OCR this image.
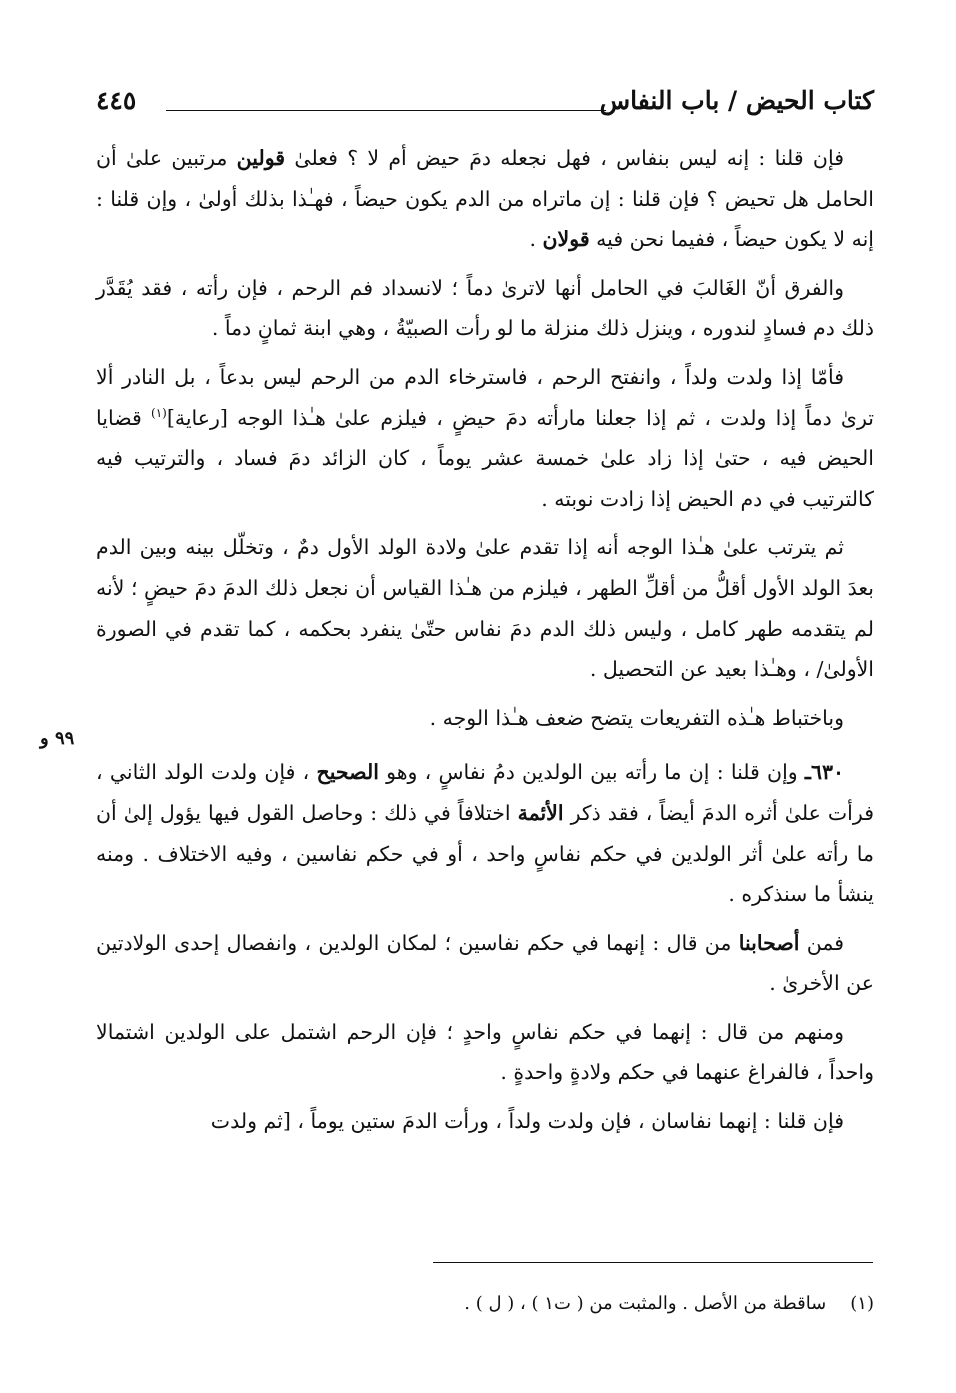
كتاب الحيض / باب النفاس
٤٤٥
٩٩ و

فإن قلنا : إنه ليس بنفاس ، فهل نجعله دمَ حيض أم لا ؟ فعلىٰ قولين مرتبين علىٰ أن الحامل هل تحيض ؟ فإن قلنا : إن ماتراه من الدم يكون حيضاً ، فهـٰذا بذلك أولىٰ ، وإن قلنا : إنه لا يكون حيضاً ، ففيما نحن فيه قولان .

والفرق أنّ الغَالبَ في الحامل أنها لاترىٰ دماً ؛ لانسداد فم الرحم ، فإن رأته ، فقد يُقَدَّر ذلك دم فسادٍ لندوره ، وينزل ذلك منزلة ما لو رأت الصبيّةُ ، وهي ابنة ثمانٍ دماً .

فأمّا إذا ولدت ولداً ، وانفتح الرحم ، فاسترخاء الدم من الرحم ليس بدعاً ، بل النادر ألا ترىٰ دماً إذا ولدت ، ثم إذا جعلنا مارأته دمَ حيضٍ ، فيلزم علىٰ هـٰذا الوجه [رعاية]$^{(١)}$ قضايا الحيض فيه ، حتىٰ إذا زاد علىٰ خمسة عشر يوماً ، كان الزائد دمَ فساد ، والترتيب فيه كالترتيب في دم الحيض إذا زادت نوبته .

ثم يترتب علىٰ هـٰذا الوجه أنه إذا تقدم علىٰ ولادة الولد الأول دمٌ ، وتخلّل بينه وبين الدم بعدَ الولد الأول أقلُّ من أقلِّ الطهر ، فيلزم من هـٰذا القياس أن نجعل ذلك الدمَ دمَ حيضٍ ؛ لأنه لم يتقدمه طهر كامل ، وليس ذلك الدم دمَ نفاس حتّىٰ ينفرد بحكمه ، كما تقدم في الصورة الأولىٰ/ ، وهـٰذا بعيد عن التحصيل .

وباختباط هـٰذه التفريعات يتضح ضعف هـٰذا الوجه .

٦٣٠ـ وإن قلنا : إن ما رأته بين الولدين دمُ نفاسٍ ، وهو الصحيح ، فإن ولدت الولد الثاني ، فرأت علىٰ أثره الدمَ أيضاً ، فقد ذكر الأئمة اختلافاً في ذلك : وحاصل القول فيها يؤول إلىٰ أن ما رأته علىٰ أثر الولدين في حكم نفاسٍ واحد ، أو في حكم نفاسين ، وفيه الاختلاف . ومنه ينشأ ما سنذكره .

فمن أصحابنا من قال : إنهما في حكم نفاسين ؛ لمكان الولدين ، وانفصال إحدى الولادتين عن الأخرىٰ .

ومنهم من قال : إنهما في حكم نفاسٍ واحدٍ ؛ فإن الرحم اشتمل على الولدين اشتمالا واحداً ، فالفراغ عنهما في حكم ولادةٍ واحدةٍ .

فإن قلنا : إنهما نفاسان ، فإن ولدت ولداً ، ورأت الدمَ ستين يوماً ، [ثم ولدت

(١) ساقطة من الأصل . والمثبت من ( ت١ ) ، ( ل ) .
